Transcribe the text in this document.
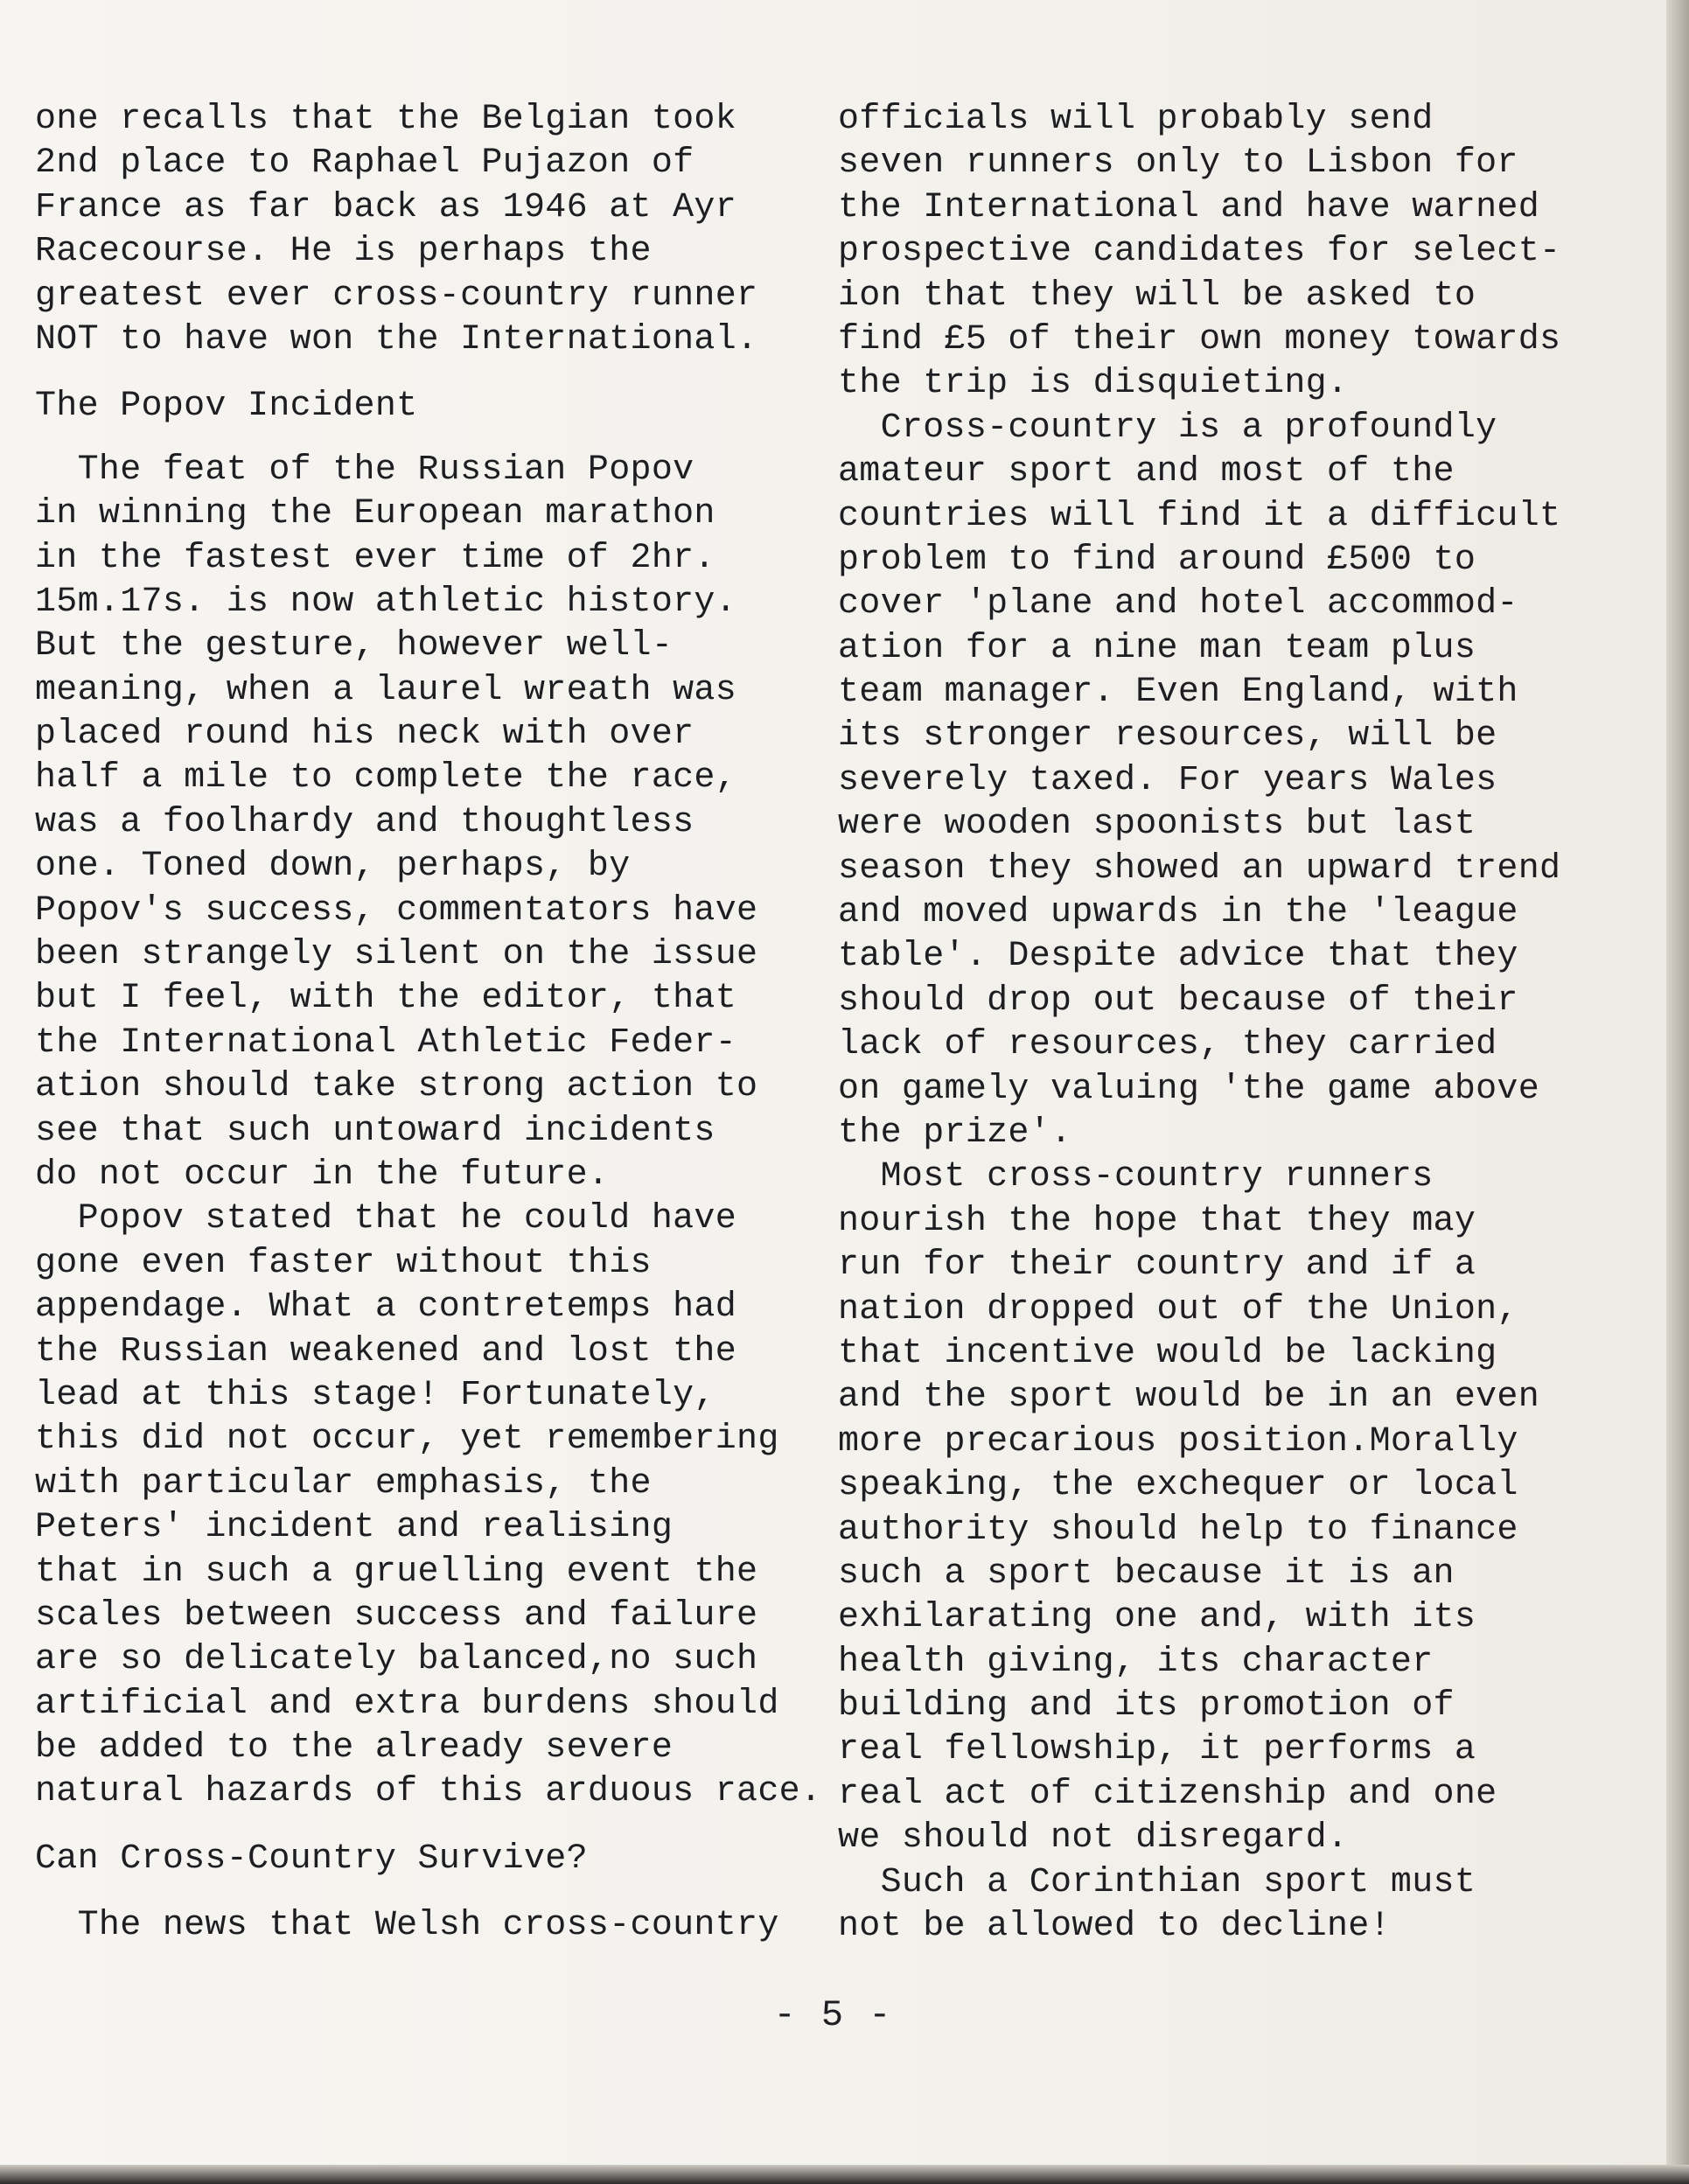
one recalls that the Belgian took
2nd place to Raphael Pujazon of
France as far back as 1946 at Ayr
Racecourse. He is perhaps the
greatest ever cross-country runner
NOT to have won the International.
The Popov Incident
The feat of the Russian Popov
in winning the European marathon
in the fastest ever time of 2hr.
15m.17s. is now athletic history.
But the gesture, however well-
meaning, when a laurel wreath was
placed round his neck with over
half a mile to complete the race,
was a foolhardy and thoughtless
one. Toned down, perhaps, by
Popov's success, commentators have
been strangely silent on the issue
but I feel, with the editor, that
the International Athletic Feder-
ation should take strong action to
see that such untoward incidents
do not occur in the future.
Popov stated that he could have
gone even faster without this
appendage. What a contretemps had
the Russian weakened and lost the
lead at this stage! Fortunately,
this did not occur, yet remembering
with particular emphasis, the
Peters' incident and realising
that in such a gruelling event the
scales between success and failure
are so delicately balanced,no such
artificial and extra burdens should
be added to the already severe
natural hazards of this arduous race.
Can Cross-Country Survive?
The news that Welsh cross-country
officials will probably send
seven runners only to Lisbon for
the International and have warned
prospective candidates for select-
ion that they will be asked to
find £5 of their own money towards
the trip is disquieting.
Cross-country is a profoundly
amateur sport and most of the
countries will find it a difficult
problem to find around £500 to
cover 'plane and hotel accommod-
ation for a nine man team plus
team manager. Even England, with
its stronger resources, will be
severely taxed. For years Wales
were wooden spoonists but last
season they showed an upward trend
and moved upwards in the 'league
table'. Despite advice that they
should drop out because of their
lack of resources, they carried
on gamely valuing 'the game above
the prize'.
Most cross-country runners
nourish the hope that they may
run for their country and if a
nation dropped out of the Union,
that incentive would be lacking
and the sport would be in an even
more precarious position.Morally
speaking, the exchequer or local
authority should help to finance
such a sport because it is an
exhilarating one and, with its
health giving, its character
building and its promotion of
real fellowship, it performs a
real act of citizenship and one
we should not disregard.
Such a Corinthian sport must
not be allowed to decline!
- 5 -
